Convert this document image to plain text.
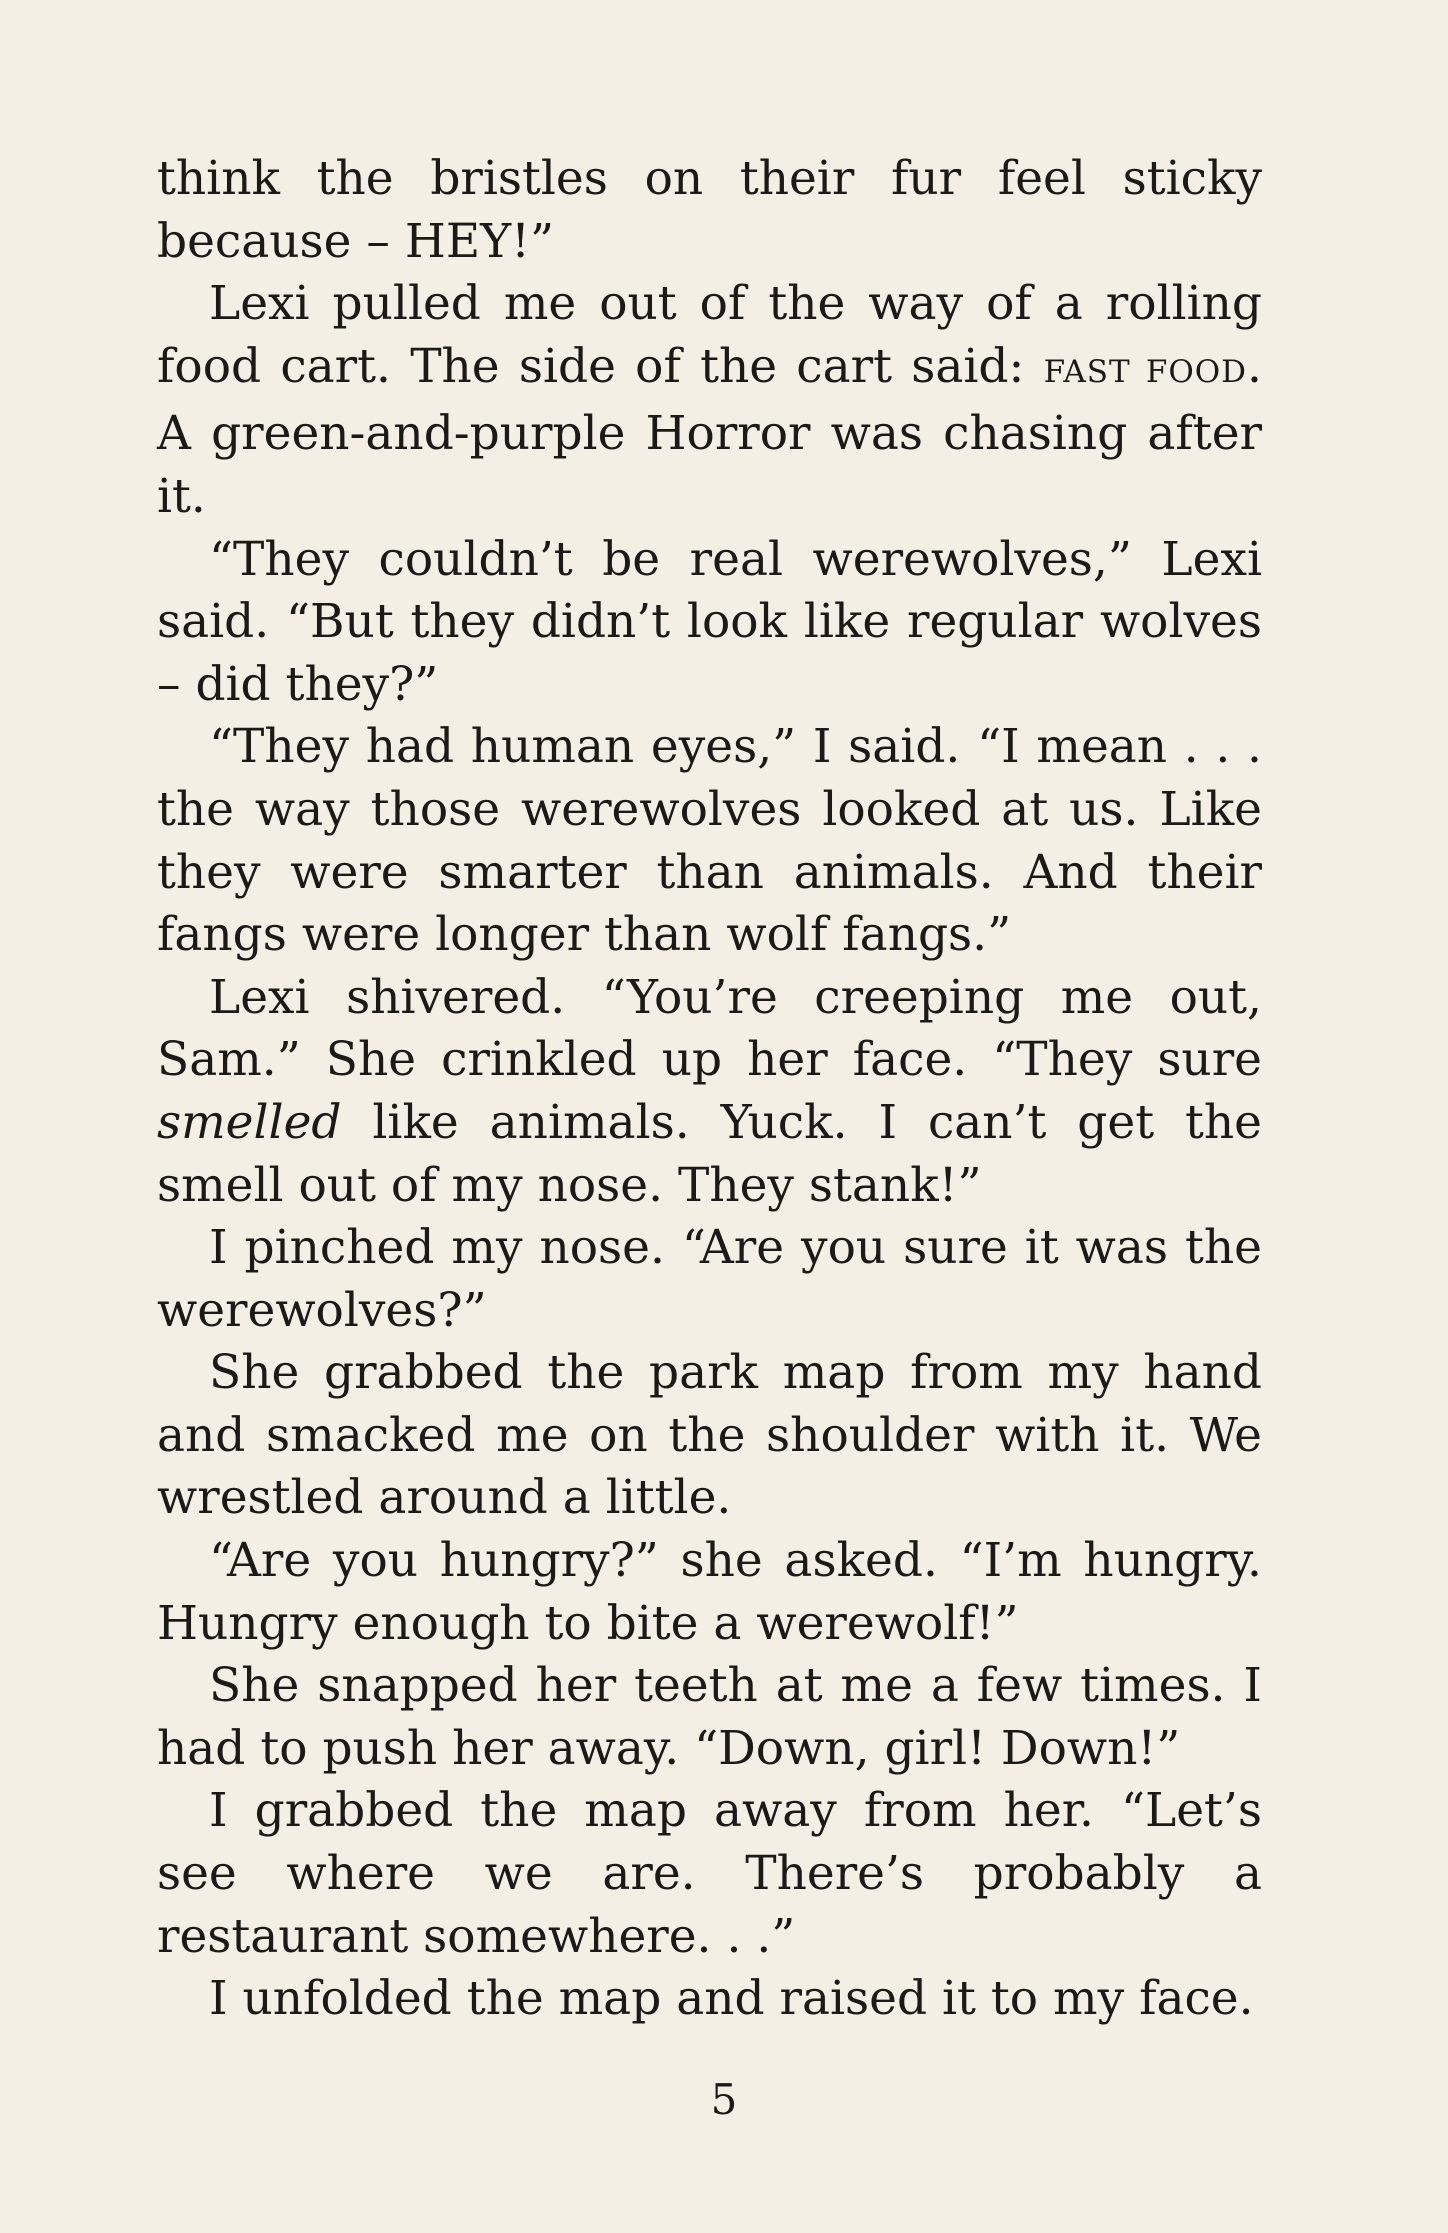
think the bristles on their fur feel sticky because – HEY!”

Lexi pulled me out of the way of a rolling food cart. The side of the cart said: FAST FOOD. A green-and-purple Horror was chasing after it.

“They couldn’t be real werewolves,” Lexi said. “But they didn’t look like regular wolves – did they?”

“They had human eyes,” I said. “I mean . . . the way those werewolves looked at us. Like they were smarter than animals. And their fangs were longer than wolf fangs.”

Lexi shivered. “You’re creeping me out, Sam.” She crinkled up her face. “They sure smelled like animals. Yuck. I can’t get the smell out of my nose. They stank!”

I pinched my nose. “Are you sure it was the werewolves?”

She grabbed the park map from my hand and smacked me on the shoulder with it. We wrestled around a little.

“Are you hungry?” she asked. “I’m hungry. Hungry enough to bite a werewolf!”

She snapped her teeth at me a few times. I had to push her away. “Down, girl! Down!”

I grabbed the map away from her. “Let’s see where we are. There’s probably a restaurant somewhere. . .”

I unfolded the map and raised it to my face.

5
